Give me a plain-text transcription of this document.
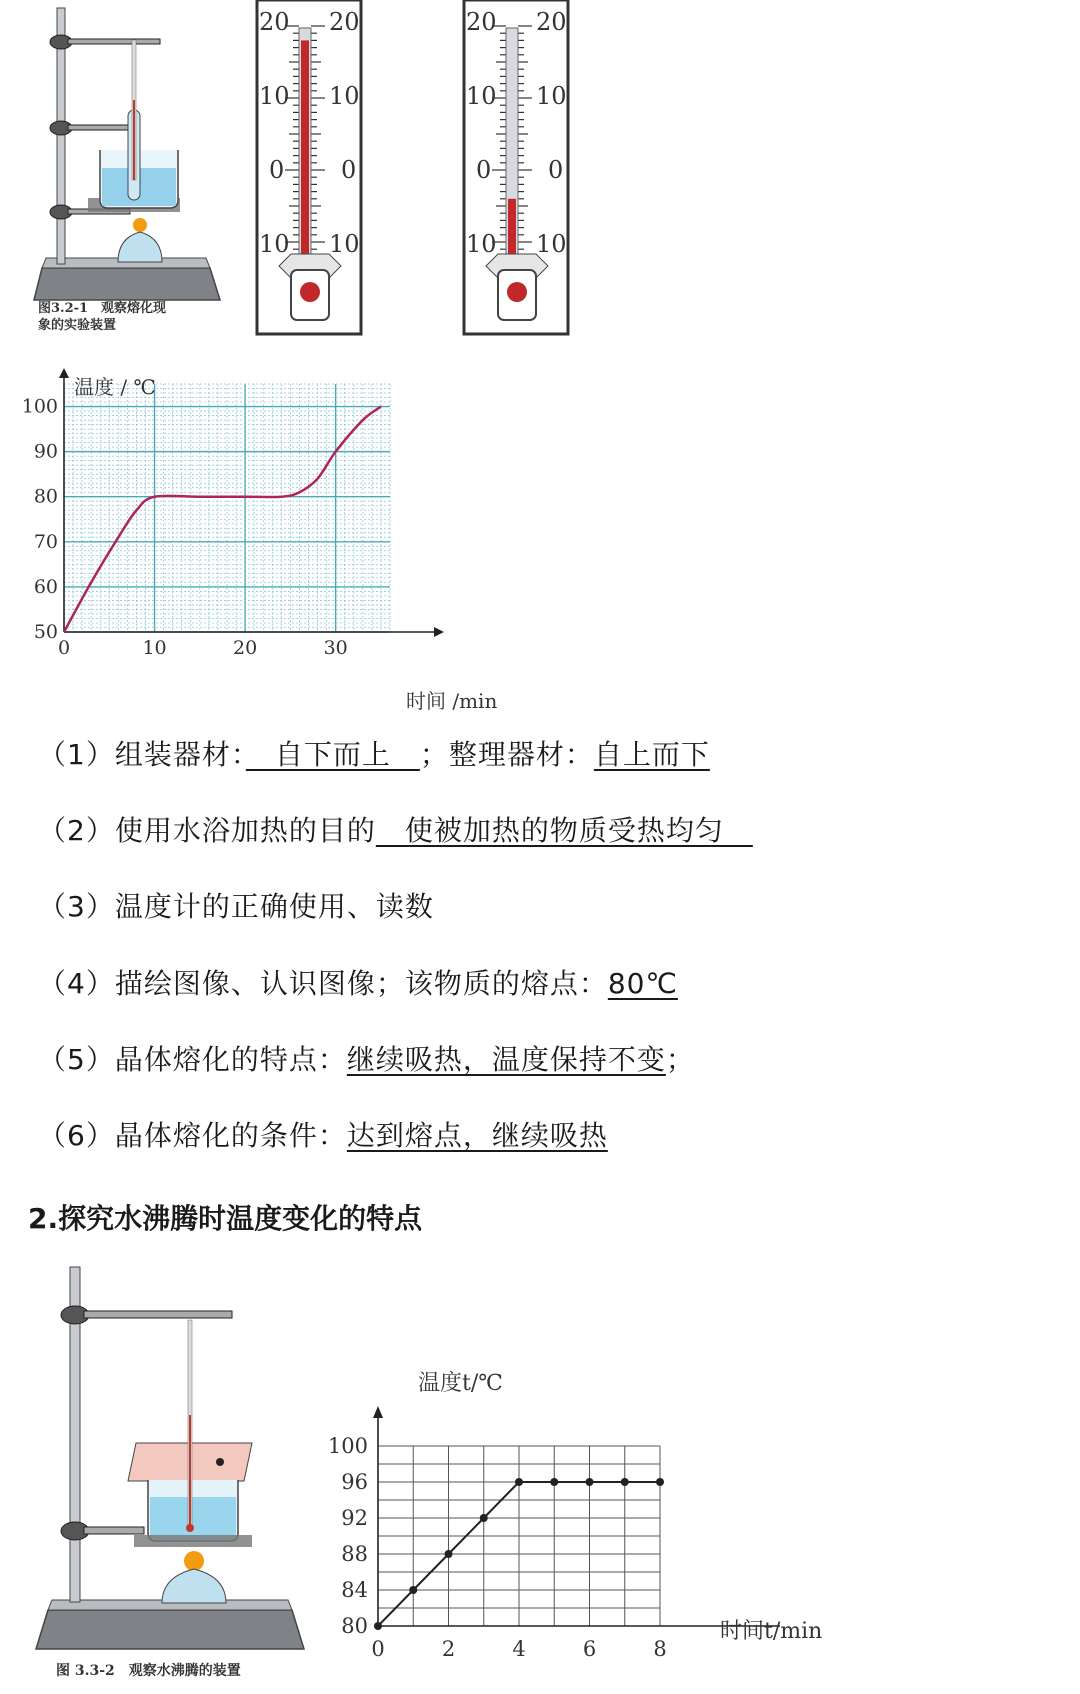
图3.2-1　观察熔化现
象的实验装置
20 20
10 10
0 0
10 10
20 20
10 10
0 0
10 10
0	10	20	30
50
60
70
80
90
100
温度 / ℃
时间 /min
（1）组装器材：　自下而上　；整理器材：自上而下
（2）使用水浴加热的目的　使被加热的物质受热均匀　
（3）温度计的正确使用、读数
（4）描绘图像、认识图像；该物质的熔点：80℃
（5）晶体熔化的特点：继续吸热，温度保持不变；
（6）晶体熔化的条件：达到熔点，继续吸热
2.探究水沸腾时温度变化的特点
图 3.3-2　观察水沸腾的装置
0	2	4	6	8
80
84
88
92
96
100
温度t/℃
时间t/min
